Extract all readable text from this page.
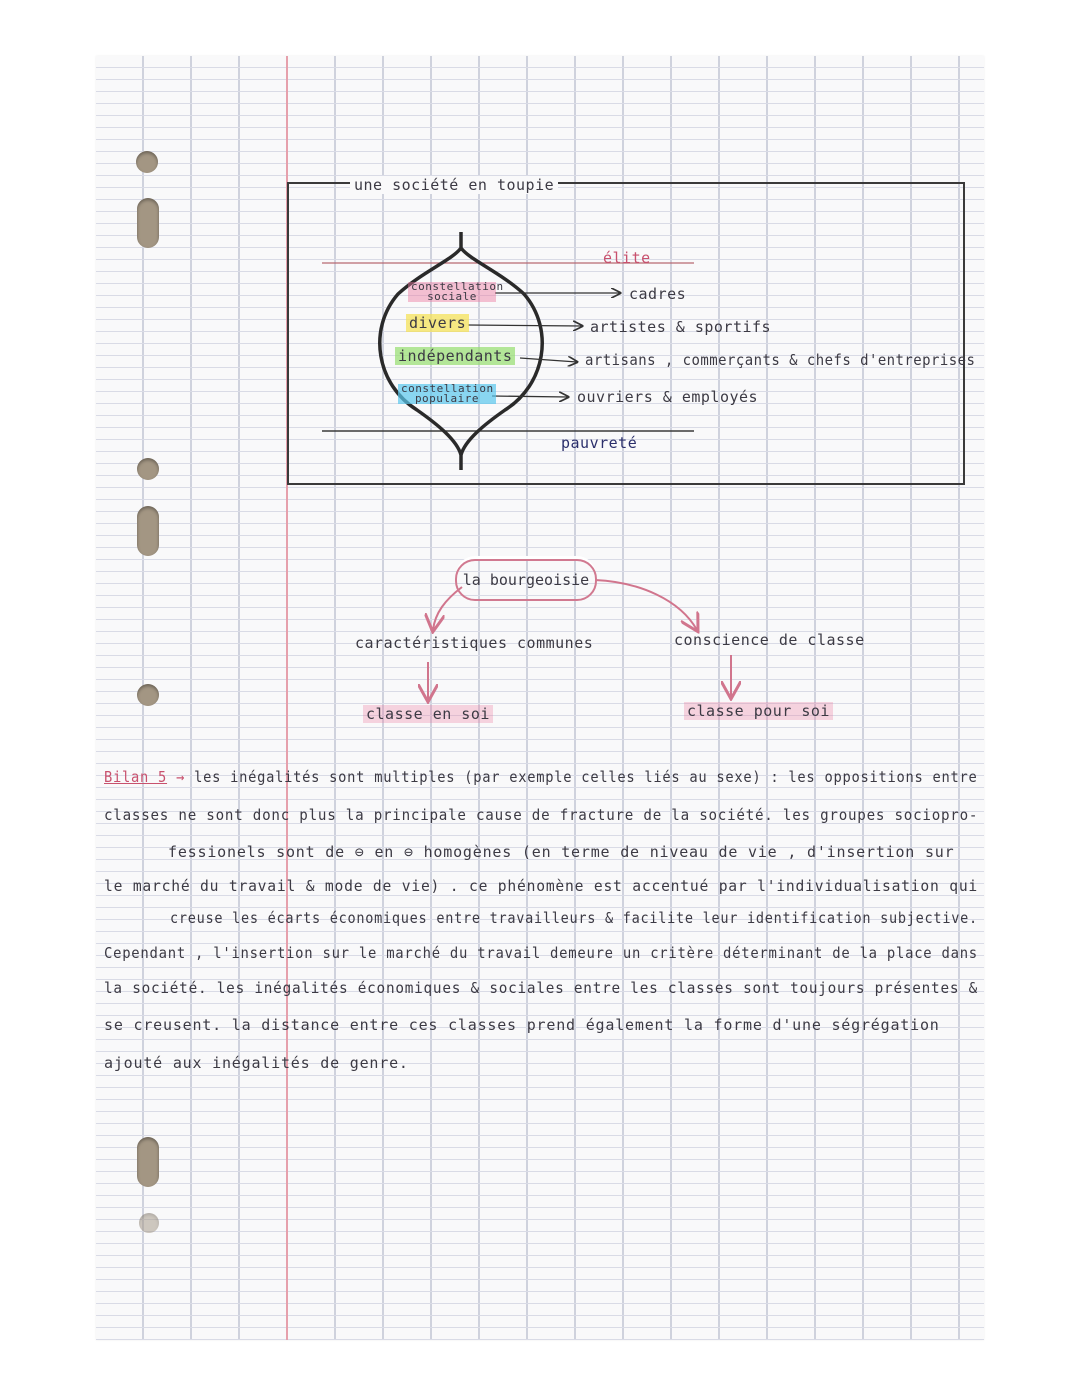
une société en toupie
élite
pauvreté
constellation sociale
divers
indépendants
constellation populaire
cadres
artistes & sportifs
artisans , commerçants & chefs d'entreprises
ouvriers & employés
la bourgeoisie
caractéristiques communes	conscience de classe
classe en soi	classe pour soi
Bilan 5 → les inégalités sont multiples (par exemple celles liés au sexe) : les oppositions entre
classes ne sont donc plus la principale cause de fracture de la société. les groupes sociopro-
fessionels sont de ⊖ en ⊖ homogènes (en terme de niveau de vie , d'insertion sur
le marché du travail & mode de vie) . ce phénomène est accentué par l'individualisation qui
creuse les écarts économiques entre travailleurs & facilite leur identification subjective.
Cependant , l'insertion sur le marché du travail demeure un critère déterminant de la place dans
la société. les inégalités économiques & sociales entre les classes sont toujours présentes &
se creusent. la distance entre ces classes prend également la forme d'une ségrégation
ajouté aux inégalités de genre.
